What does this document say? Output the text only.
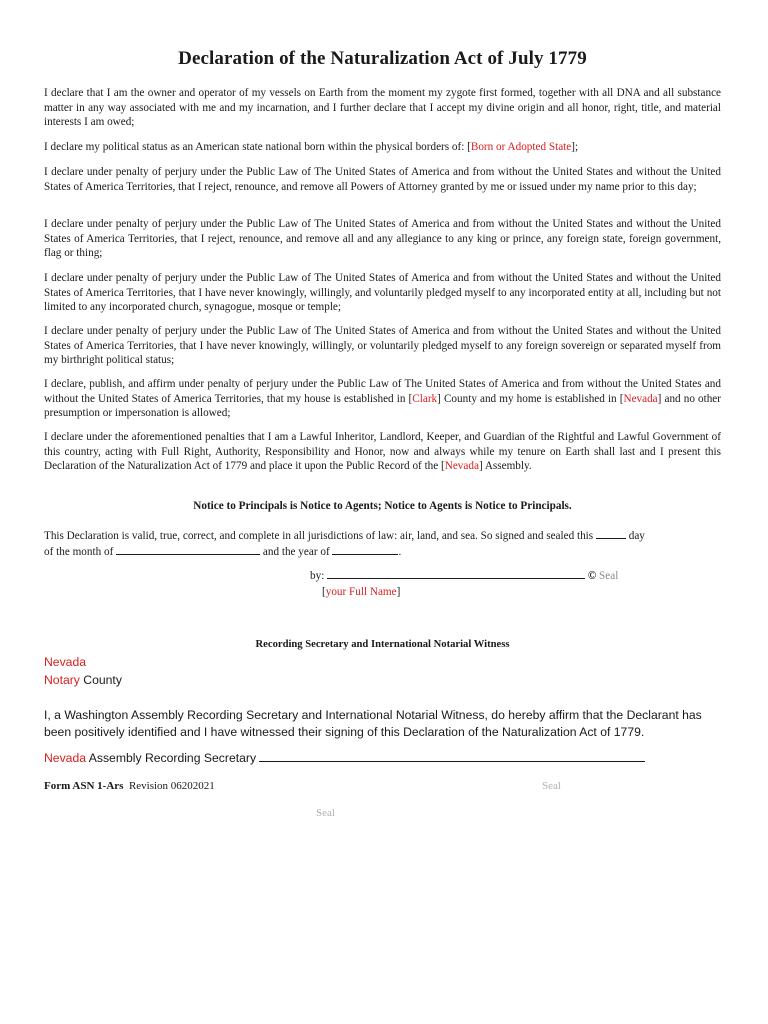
Declaration of the Naturalization Act of July 1779

I declare that I am the owner and operator of my vessels on Earth from the moment my zygote first formed, together with all DNA and all substance matter in any way associated with me and my incarnation, and I further declare that I accept my divine origin and all honor, right, title, and material interests I am owed;

I declare my political status as an American state national born within the physical borders of: [Born or Adopted State];

I declare under penalty of perjury under the Public Law of The United States of America and from without the United States and without the United States of America Territories, that I reject, renounce, and remove all Powers of Attorney granted by me or issued under my name prior to this day;

I declare under penalty of perjury under the Public Law of The United States of America and from without the United States and without the United States of America Territories, that I reject, renounce, and remove all and any allegiance to any king or prince, any foreign state, foreign government, flag or thing;

I declare under penalty of perjury under the Public Law of The United States of America and from without the United States and without the United States of America Territories, that I have never knowingly, willingly, and voluntarily pledged myself to any incorporated entity at all, including but not limited to any incorporated church, synagogue, mosque or temple;

I declare under penalty of perjury under the Public Law of The United States of America and from without the United States and without the United States of America Territories, that I have never knowingly, willingly, or voluntarily pledged myself to any foreign sovereign or separated myself from my birthright political status;

I declare, publish, and affirm under penalty of perjury under the Public Law of The United States of America and from without the United States and without the United States of America Territories, that my house is established in [Clark] County and my home is established in [Nevada] and no other presumption or impersonation is allowed;

I declare under the aforementioned penalties that I am a Lawful Inheritor, Landlord, Keeper, and Guardian of the Rightful and Lawful Government of this country, acting with Full Right, Authority, Responsibility and Honor, now and always while my tenure on Earth shall last and I present this Declaration of the Naturalization Act of 1779 and place it upon the Public Record of the [Nevada] Assembly.

Notice to Principals is Notice to Agents; Notice to Agents is Notice to Principals.

This Declaration is valid, true, correct, and complete in all jurisdictions of law: air, land, and sea. So signed and sealed this	day
of the month of	and the year of	.

by:	© Seal
[your Full Name]
Recording Secretary and International Notarial Witness
Nevada
Notary County
I, a Washington Assembly Recording Secretary and International Notarial Witness, do hereby affirm that the Declarant has been positively identified and I have witnessed their signing of this Declaration of the Naturalization Act of 1779.
Nevada Assembly Recording Secretary
Form ASN 1-Ars Revision 06202021	Seal
Seal
